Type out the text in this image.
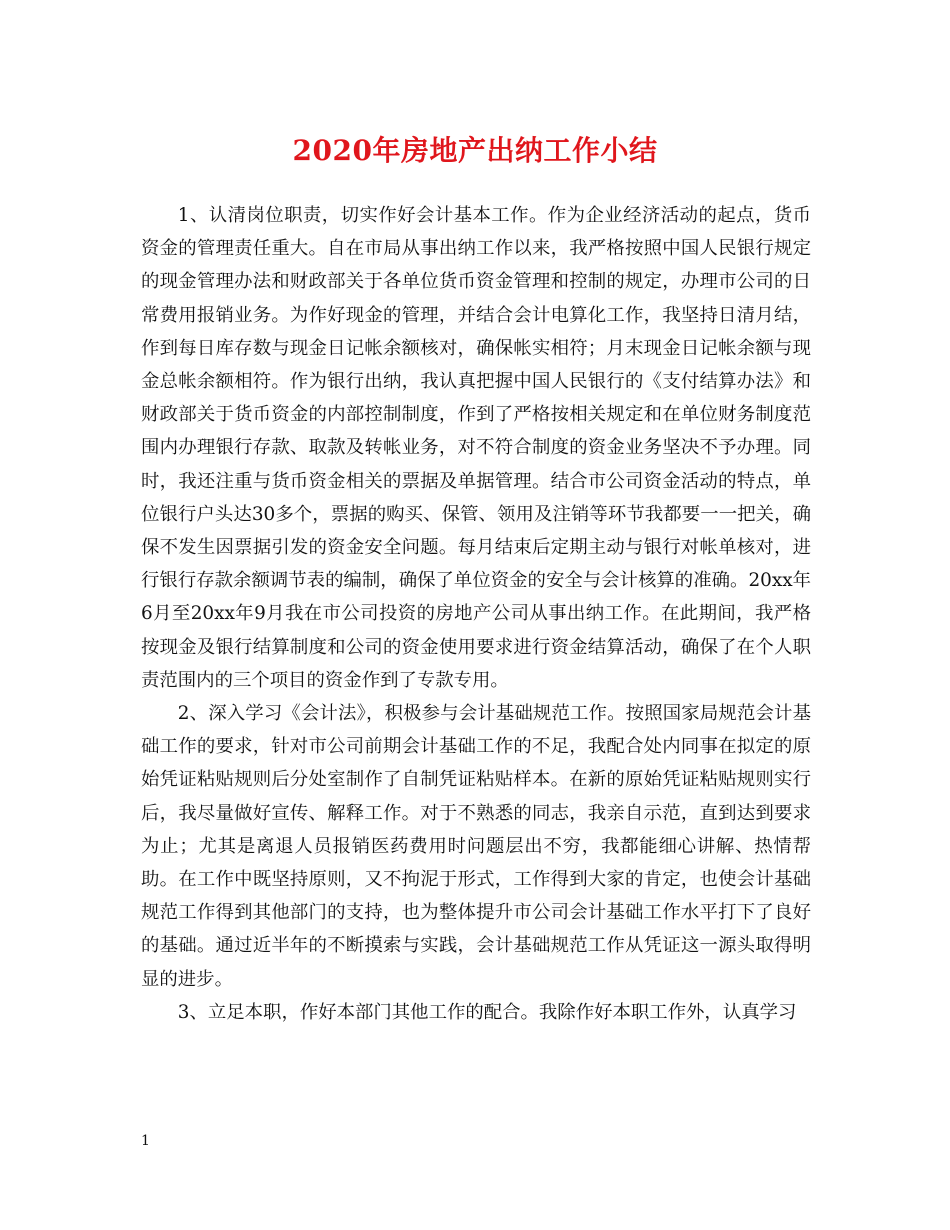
2020年房地产出纳工作小结

1、认清岗位职责，切实作好会计基本工作。作为企业经济活动的起点，货币资金的管理责任重大。自在市局从事出纳工作以来，我严格按照中国人民银行规定的现金管理办法和财政部关于各单位货币资金管理和控制的规定，办理市公司的日常费用报销业务。为作好现金的管理，并结合会计电算化工作，我坚持日清月结，作到每日库存数与现金日记帐余额核对，确保帐实相符；月末现金日记帐余额与现金总帐余额相符。作为银行出纳，我认真把握中国人民银行的《支付结算办法》和财政部关于货币资金的内部控制制度，作到了严格按相关规定和在单位财务制度范围内办理银行存款、取款及转帐业务，对不符合制度的资金业务坚决不予办理。同时，我还注重与货币资金相关的票据及单据管理。结合市公司资金活动的特点，单位银行户头达30多个，票据的购买、保管、领用及注销等环节我都要一一把关，确保不发生因票据引发的资金安全问题。每月结束后定期主动与银行对帐单核对，进行银行存款余额调节表的编制，确保了单位资金的安全与会计核算的准确。20xx年6月至20xx年9月我在市公司投资的房地产公司从事出纳工作。在此期间，我严格按现金及银行结算制度和公司的资金使用要求进行资金结算活动，确保了在个人职责范围内的三个项目的资金作到了专款专用。

2、深入学习《会计法》，积极参与会计基础规范工作。按照国家局规范会计基础工作的要求，针对市公司前期会计基础工作的不足，我配合处内同事在拟定的原始凭证粘贴规则后分处室制作了自制凭证粘贴样本。在新的原始凭证粘贴规则实行后，我尽量做好宣传、解释工作。对于不熟悉的同志，我亲自示范，直到达到要求为止；尤其是离退人员报销医药费用时问题层出不穷，我都能细心讲解、热情帮助。在工作中既坚持原则，又不拘泥于形式，工作得到大家的肯定，也使会计基础规范工作得到其他部门的支持，也为整体提升市公司会计基础工作水平打下了良好的基础。通过近半年的不断摸索与实践，会计基础规范工作从凭证这一源头取得明显的进步。

3、立足本职，作好本部门其他工作的配合。我除作好本职工作外，认真学习

1
